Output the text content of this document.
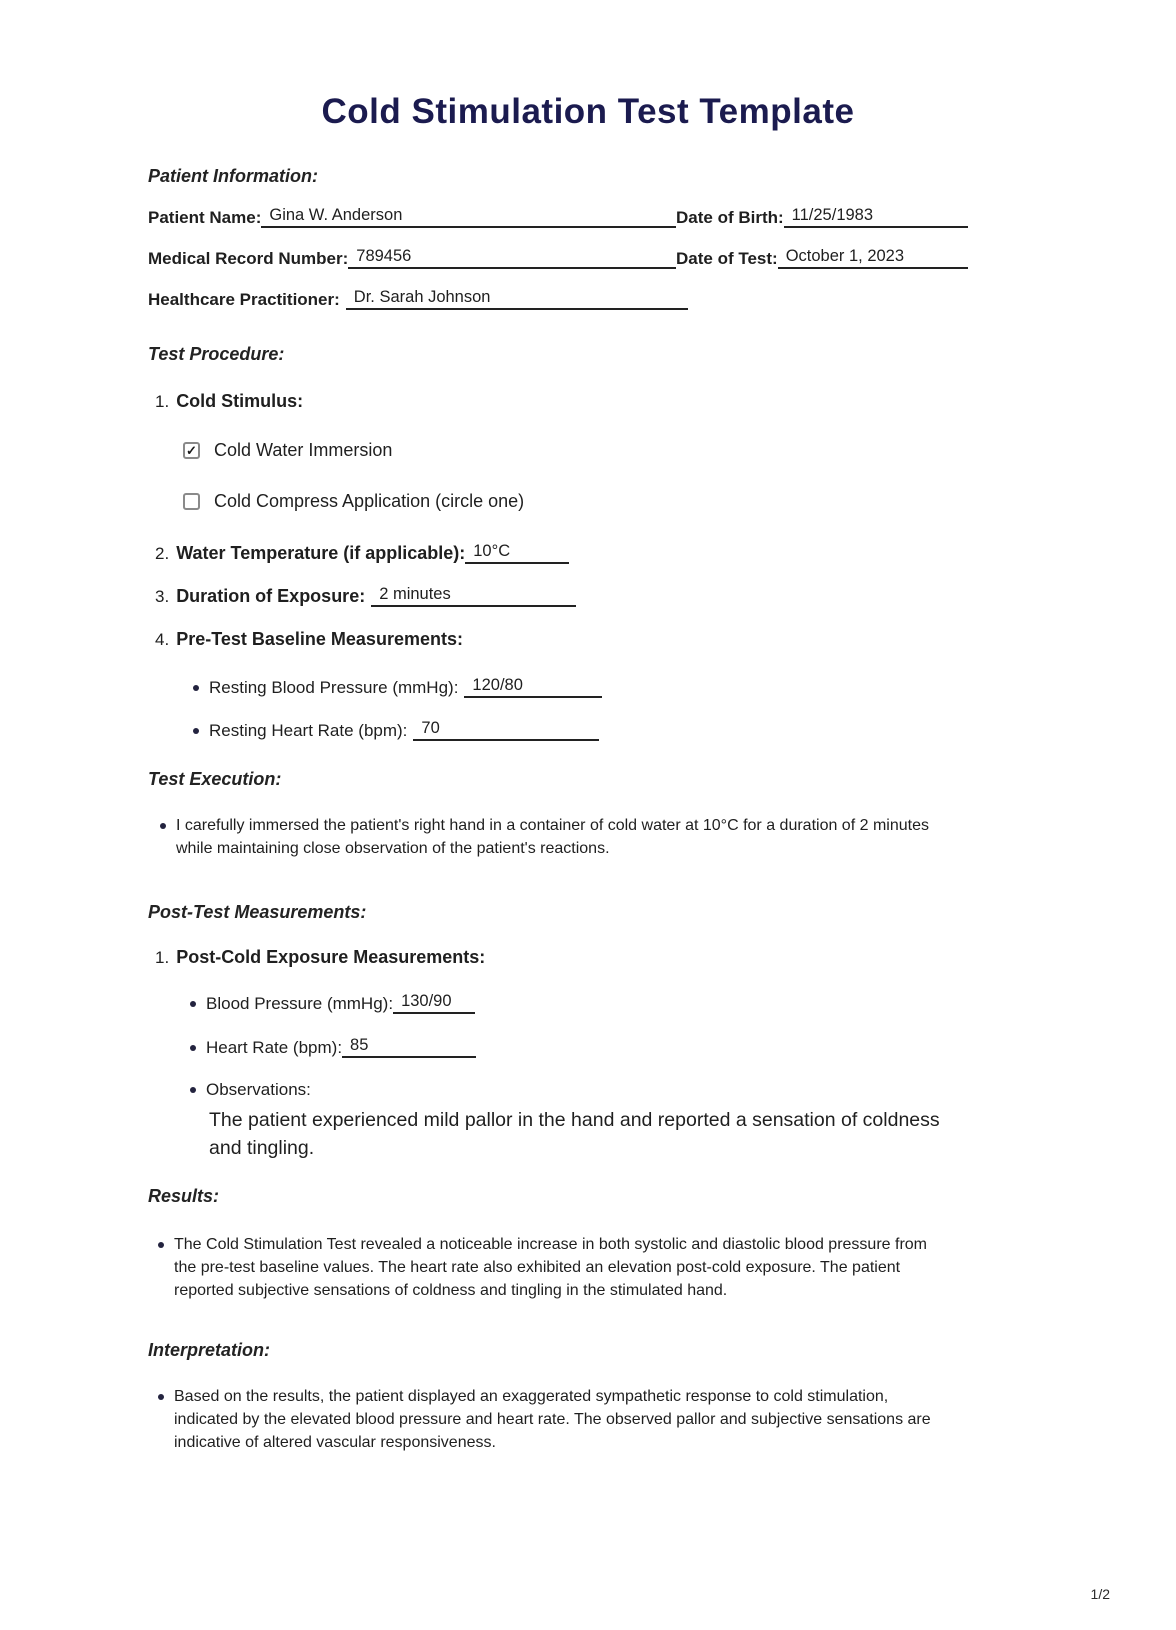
Cold Stimulation Test Template
Patient Information:
Patient Name: Gina W. Anderson	Date of Birth: 11/25/1983
Medical Record Number: 789456	Date of Test: October 1, 2023
Healthcare Practitioner: Dr. Sarah Johnson
Test Procedure:
1. Cold Stimulus:
✓ Cold Water Immersion
Cold Compress Application (circle one)
2. Water Temperature (if applicable): 10°C
3. Duration of Exposure: 2 minutes
4. Pre-Test Baseline Measurements:
Resting Blood Pressure (mmHg): 120/80
Resting Heart Rate (bpm): 70
Test Execution:
I carefully immersed the patient's right hand in a container of cold water at 10°C for a duration of 2 minutes while maintaining close observation of the patient's reactions.
Post-Test Measurements:
1. Post-Cold Exposure Measurements:
Blood Pressure (mmHg): 130/90
Heart Rate (bpm): 85
Observations:
The patient experienced mild pallor in the hand and reported a sensation of coldness and tingling.
Results:
The Cold Stimulation Test revealed a noticeable increase in both systolic and diastolic blood pressure from the pre-test baseline values. The heart rate also exhibited an elevation post-cold exposure. The patient reported subjective sensations of coldness and tingling in the stimulated hand.
Interpretation:
Based on the results, the patient displayed an exaggerated sympathetic response to cold stimulation, indicated by the elevated blood pressure and heart rate. The observed pallor and subjective sensations are indicative of altered vascular responsiveness.
1/2
